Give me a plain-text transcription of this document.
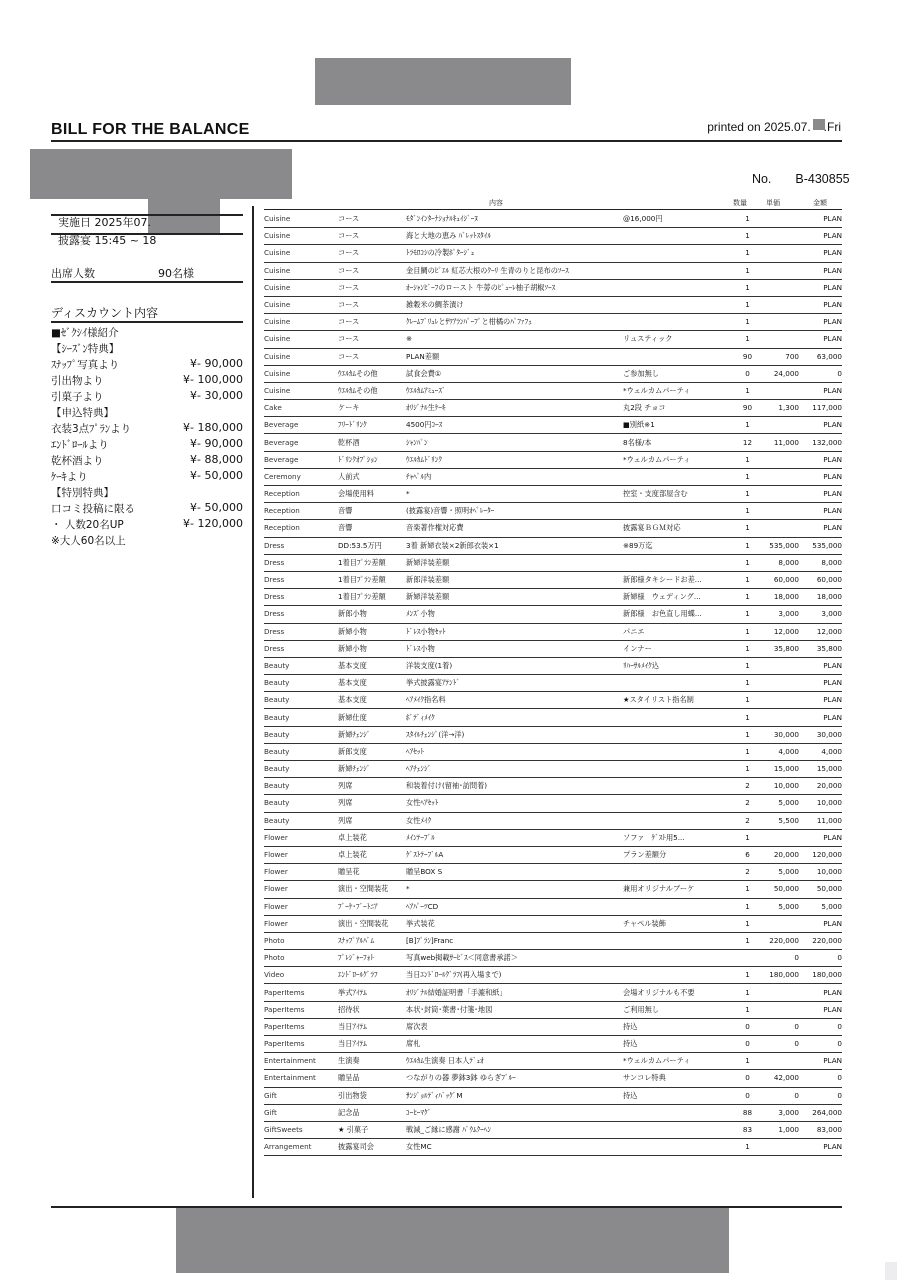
BILL FOR THE BALANCE	printed on 2025.07. .Fri

No. B-430855

実施日 2025年07.

披露宴 15:45 ~ 18

出席人数	90名様
ディスカウント内容
■ｾﾞｸｼｲ様紹介
【ｼｰｽﾞﾝ特典】
ｽﾅｯﾌﾟ写真より	¥- 90,000
引出物より	¥- 100,000
引菓子より	¥- 30,000
【申込特典】
衣装3点ﾌﾟﾗﾝより	¥- 180,000
ｴﾝﾄﾞﾛｰﾙより	¥- 90,000
乾杯酒より	¥- 88,000
ｹｰｷより	¥- 50,000
【特別特典】
口コミ投稿に限る	¥- 50,000
・ 人数20名UP	¥- 120,000
※大人60名以上
内容	数量	単価	金額
Cuisine	コース	ﾓﾀﾞﾝｲﾝﾀｰﾅｼｮﾅﾙｷｭｲｼﾞｰﾇ	@16,000円	1		PLAN
Cuisine	コース	海と大地の恵み ﾊﾞﾚｯﾄｽﾀｲﾙ		1		PLAN
Cuisine	コース	ﾄﾗﾓﾛｺｼの冷製ﾎﾟﾀｰｼﾞｭ		1		PLAN
Cuisine	コース	金目鯛のﾋﾟｴﾙ 紅芯大根のｸｰﾘ 生青のりと昆布のｿｰｽ		1		PLAN
Cuisine	コース	ｵｰｼｬﾝﾋﾞｰﾌのロースト 牛蒡のﾋﾟｭｰﾚ柚子胡椒ｿｰｽ		1		PLAN
Cuisine	コース	雑穀米の鯛茶漬け		1		PLAN
Cuisine	コース	ｸﾚｰﾑﾌﾞﾘｭﾚとｻﾜｱﾗﾝﾊﾟｰﾌﾟと柑橘のﾊﾟﾌｧﾌｪ		1		PLAN
Cuisine	コース	※	リュスティック	1		PLAN
Cuisine	コース	PLAN差額		90	700	63,000
Cuisine	ｳｴﾙｶﾑその他	試食会費①	ご参加無し	0	24,000	0
Cuisine	ｳｴﾙｶﾑその他	ｳｴﾙｶﾑｱﾐｭｰｽﾞ	*ウェルカムパーティ	1		PLAN
Cake	ケーキ	ｵﾘｼﾞﾅﾙ生ｹｰｷ	丸2段 チョコ	90	1,300	117,000
Beverage	ﾌﾘｰﾄﾞﾘﾝｸ	4500円ｺｰｽ	■別紙※1	1		PLAN
Beverage	乾杯酒	ｼｬﾝﾊﾟﾝ	8名様/本	12	11,000	132,000
Beverage	ﾄﾞﾘﾝｸｵﾌﾟｼｮﾝ	ｳｴﾙｶﾑﾄﾞﾘﾝｸ	*ウェルカムパーティ	1		PLAN
Ceremony	人前式	ﾁｬﾍﾟﾙ内		1		PLAN
Reception	会場使用料	*	控室・支度部屋含む	1		PLAN
Reception	音響	(披露宴)音響・照明ｵﾍﾟﾚｰﾀｰ		1		PLAN
Reception	音響	音楽著作権対応費	披露宴ＢＧＭ対応	1		PLAN
Dress	DD:53.5万円	3着 新婦衣装×2新郎衣装×1	※89万迄	1	535,000	535,000
Dress	1着目ﾌﾟﾗﾝ差額	新婦洋装差額		1	8,000	8,000
Dress	1着目ﾌﾟﾗﾝ差額	新郎洋装差額	新郎様タキシードお差...	1	60,000	60,000
Dress	1着目ﾌﾟﾗﾝ差額	新婦洋装差額	新婦様　ウェディング...	1	18,000	18,000
Dress	新郎小物	ﾒﾝｽﾞ小物	新郎様　お色直し用蝶...	1	3,000	3,000
Dress	新婦小物	ﾄﾞﾚｽ小物ｾｯﾄ	パニエ	1	12,000	12,000
Dress	新婦小物	ﾄﾞﾚｽ小物	インナー	1	35,800	35,800
Beauty	基本支度	洋装支度(1着)	ﾘﾊｰｻﾙﾒｲｸ込	1		PLAN
Beauty	基本支度	挙式披露宴ｱﾃﾝﾄﾞ		1		PLAN
Beauty	基本支度	ﾍｱﾒｲｸ指名料	★スタイリスト指名制	1		PLAN
Beauty	新婦仕度	ﾎﾞﾃﾞｨﾒｲｸ		1		PLAN
Beauty	新婦ﾁｪﾝｼﾞ	ｽﾀｲﾙﾁｪﾝｼﾞ(洋→洋)		1	30,000	30,000
Beauty	新郎支度	ﾍｱｾｯﾄ		1	4,000	4,000
Beauty	新婦ﾁｪﾝｼﾞ	ﾍｱﾁｪﾝｼﾞ		1	15,000	15,000
Beauty	列席	和装着付け(留袖･訪問着)		2	10,000	20,000
Beauty	列席	女性ﾍｱｾｯﾄ		2	5,000	10,000
Beauty	列席	女性ﾒｲｸ		2	5,500	11,000
Flower	卓上装花	ﾒｲﾝﾃｰﾌﾞﾙ	ソファ　ｹﾞｽﾄ用5...	1		PLAN
Flower	卓上装花	ｹﾞｽﾄﾃｰﾌﾞﾙA	プラン差額分	6	20,000	120,000
Flower	贈呈花	贈呈BOX S		2	5,000	10,000
Flower	演出・空間装花	*	兼用オリジナルブーケ	1	50,000	50,000
Flower	ﾌﾞｰｹ･ﾌﾞｰﾄﾆｱ	ﾍｱﾊﾟｰﾂCD		1	5,000	5,000
Flower	演出・空間装花	挙式装花	チャペル装飾	1		PLAN
Photo	ｽﾅｯﾌﾟｱﾙﾊﾞﾑ	[B]ﾌﾟﾗﾝ]Franc		1	220,000	220,000
Photo	ﾌﾟﾚｼﾞｬｰﾌｫﾄ	写真web掲載ｻｰﾋﾞｽ＜同意書承諾＞			0	0
Video	ｴﾝﾄﾞﾛｰﾙｸﾞﾗﾌ	当日ｴﾝﾄﾞﾛｰﾙｸﾞﾗﾌ(再入場まで)		1	180,000	180,000
PaperItems	挙式ｱｲﾃﾑ	ｵﾘｼﾞﾅﾙ結婚証明書「手漉和紙」	会場オリジナルも不要	1		PLAN
PaperItems	招待状	本状･封筒･葉書･付箋･地図	ご利用無し	1		PLAN
PaperItems	当日ｱｲﾃﾑ	席次表	持込	0	0	0
PaperItems	当日ｱｲﾃﾑ	席札	持込	0	0	0
Entertainment	生演奏	ｳｴﾙｶﾑ生演奏 日本人ﾃﾞｭｵ	*ウェルカムパーティ	1		PLAN
Entertainment	贈呈品	つながりの器 夢鉢3鉢 ゆらぎﾌﾞﾙｰ	サンコレ特典	0	42,000	0
Gift	引出物袋	ｻﾝｼﾞｮﾙﾃﾞｨﾊﾞｯｸﾞM	持込	0	0	0
Gift	記念品	ｺｰﾋｰﾏｸﾞ		88	3,000	264,000
GiftSweets	★ 引菓子	戦減_ご縁に感謝 ﾊﾞｳﾑｸｰﾍﾝ		83	1,000	83,000
Arrangement	披露宴司会	女性MC		1		PLAN
